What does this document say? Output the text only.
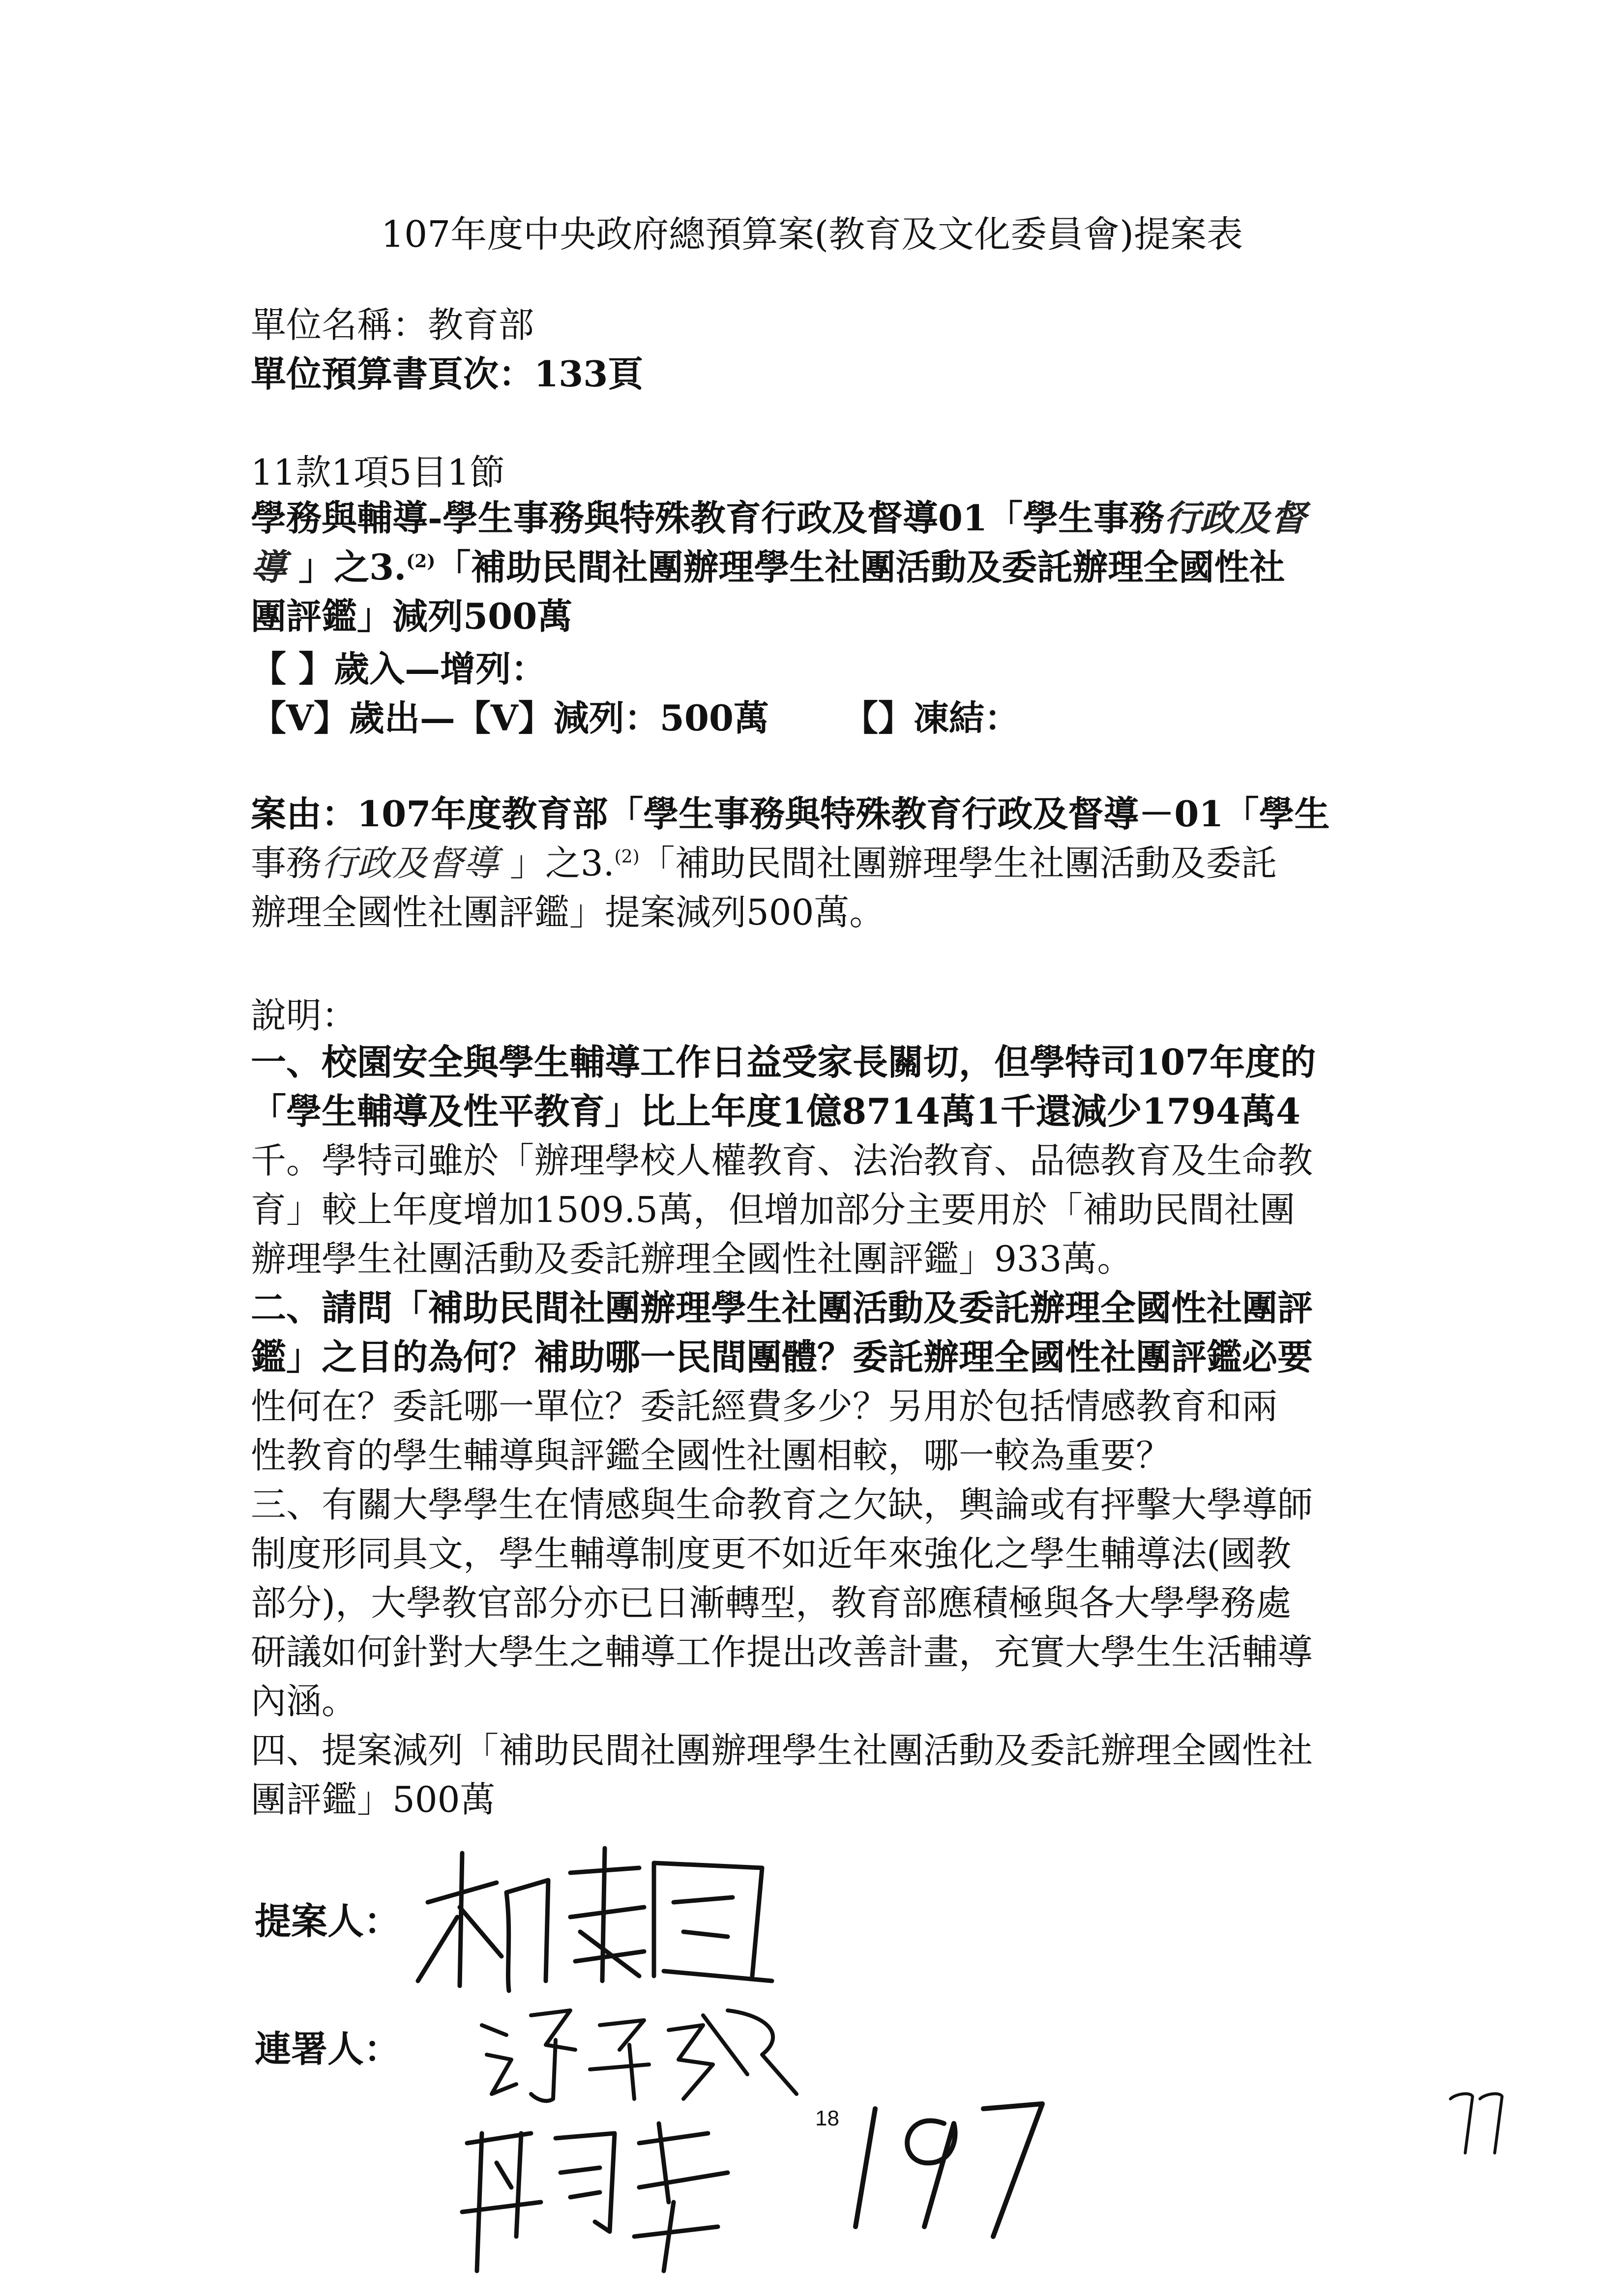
107年度中央政府總預算案(教育及文化委員會)提案表
單位名稱：教育部
單位預算書頁次：133頁
11款1項5目1節
學務與輔導-學生事務與特殊教育行政及督導01「學生事務行政及督
導 」之3.$^{(2)}$「補助民間社團辦理學生社團活動及委託辦理全國性社
團評鑑」減列500萬
【 】歲入—增列：
【V】歲出—【V】減列：500萬 【】凍結：
案由：107年度教育部「學生事務與特殊教育行政及督導－01「學生
事務行政及督導 」之3.$^{(2)}$「補助民間社團辦理學生社團活動及委託
辦理全國性社團評鑑」提案減列500萬。
說明：
一、校園安全與學生輔導工作日益受家長關切，但學特司107年度的
「學生輔導及性平教育」比上年度1億8714萬1千還減少1794萬4
千。學特司雖於「辦理學校人權教育、法治教育、品德教育及生命教
育」較上年度增加1509.5萬，但增加部分主要用於「補助民間社團
辦理學生社團活動及委託辦理全國性社團評鑑」933萬。
二、請問「補助民間社團辦理學生社團活動及委託辦理全國性社團評
鑑」之目的為何？補助哪一民間團體？委託辦理全國性社團評鑑必要
性何在？委託哪一單位？委託經費多少？另用於包括情感教育和兩
性教育的學生輔導與評鑑全國性社團相較，哪一較為重要？
三、有關大學學生在情感與生命教育之欠缺，輿論或有抨擊大學導師
制度形同具文，學生輔導制度更不如近年來強化之學生輔導法(國教
部分)，大學教官部分亦已日漸轉型，教育部應積極與各大學學務處
研議如何針對大學生之輔導工作提出改善計畫，充實大學生生活輔導
內涵。
四、提案減列「補助民間社團辦理學生社團活動及委託辦理全國性社
團評鑑」500萬
提案人：
連署人：
18
